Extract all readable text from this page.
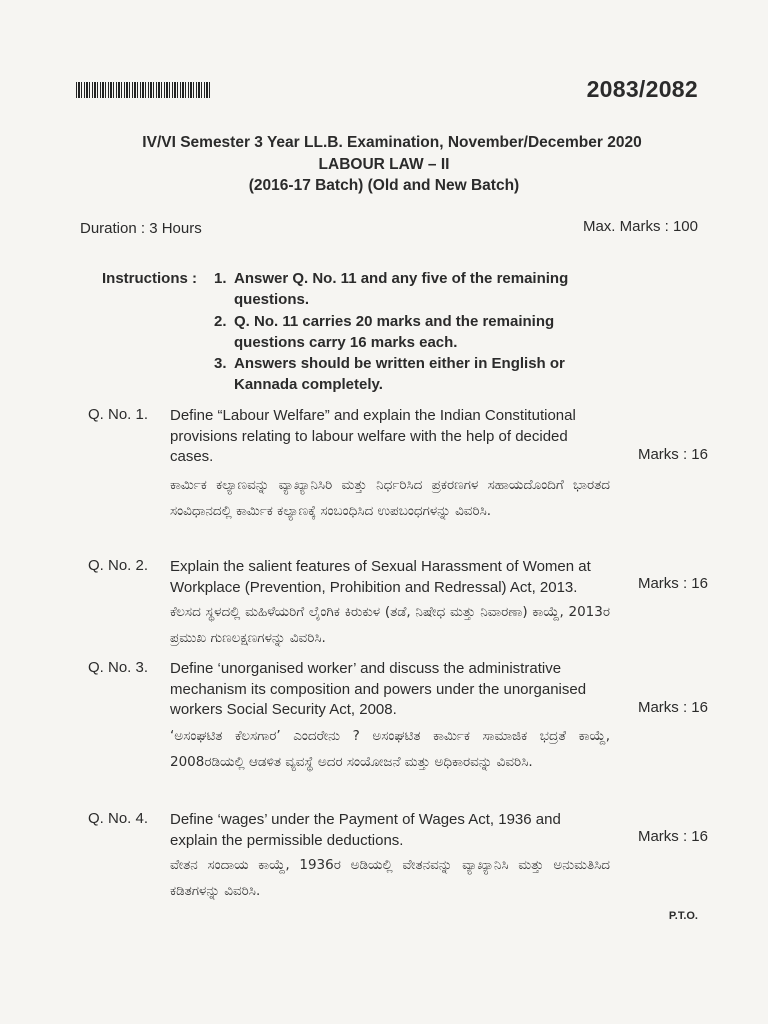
2083/2082
IV/VI Semester 3 Year LL.B. Examination, November/December 2020
LABOUR LAW – II
(2016-17 Batch) (Old and New Batch)
Duration : 3 Hours	Max. Marks : 100
Instructions : 1. Answer Q. No. 11 and any five of the remaining questions.
2. Q. No. 11 carries 20 marks and the remaining questions carry 16 marks each.
3. Answers should be written either in English or Kannada completely.
Q. No. 1. Define “Labour Welfare” and explain the Indian Constitutional provisions relating to labour welfare with the help of decided cases.	Marks : 16
ಕಾರ್ಮಿಕ ಕಲ್ಯಾಣವನ್ನು ವ್ಯಾಖ್ಯಾನಿಸಿರಿ ಮತ್ತು ನಿರ್ಧರಿಸಿದ ಪ್ರಕರಣಗಳ ಸಹಾಯದೊಂದಿಗೆ ಭಾರತದ ಸಂವಿಧಾನದಲ್ಲಿ ಕಾರ್ಮಿಕ ಕಲ್ಯಾಣಕ್ಕೆ ಸಂಬಂಧಿಸಿದ ಉಪಬಂಧಗಳನ್ನು ವಿವರಿಸಿ.
Q. No. 2. Explain the salient features of Sexual Harassment of Women at Workplace (Prevention, Prohibition and Redressal) Act, 2013.	Marks : 16
ಕೆಲಸದ ಸ್ಥಳದಲ್ಲಿ ಮಹಿಳೆಯರಿಗೆ ಲೈಂಗಿಕ ಕಿರುಕುಳ (ತಡೆ, ನಿಷೇಧ ಮತ್ತು ನಿವಾರಣಾ) ಕಾಯ್ದೆ, 2013ರ ಪ್ರಮುಖ ಗುಣಲಕ್ಷಣಗಳನ್ನು ವಿವರಿಸಿ.
Q. No. 3. Define ‘unorganised worker’ and discuss the administrative mechanism its composition and powers under the unorganised workers Social Security Act, 2008.	Marks : 16
‘ಅಸಂಘಟಿತ ಕೆಲಸಗಾರ’ ಎಂದರೇನು ? ಅಸಂಘಟಿತ ಕಾರ್ಮಿಕ ಸಾಮಾಜಿಕ ಭದ್ರತೆ ಕಾಯ್ದೆ, 2008ರಡಿಯಲ್ಲಿ ಆಡಳಿತ ವ್ಯವಸ್ಥೆ ಅದರ ಸಂಯೋಜನೆ ಮತ್ತು ಅಧಿಕಾರವನ್ನು ವಿವರಿಸಿ.
Q. No. 4. Define ‘wages’ under the Payment of Wages Act, 1936 and explain the permissible deductions.	Marks : 16
ವೇತನ ಸಂದಾಯ ಕಾಯ್ದೆ, 1936ರ ಅಡಿಯಲ್ಲಿ ವೇತನವನ್ನು ವ್ಯಾಖ್ಯಾನಿಸಿ ಮತ್ತು ಅನುಮತಿಸಿದ ಕಡಿತಗಳನ್ನು ವಿವರಿಸಿ.
P.T.O.
